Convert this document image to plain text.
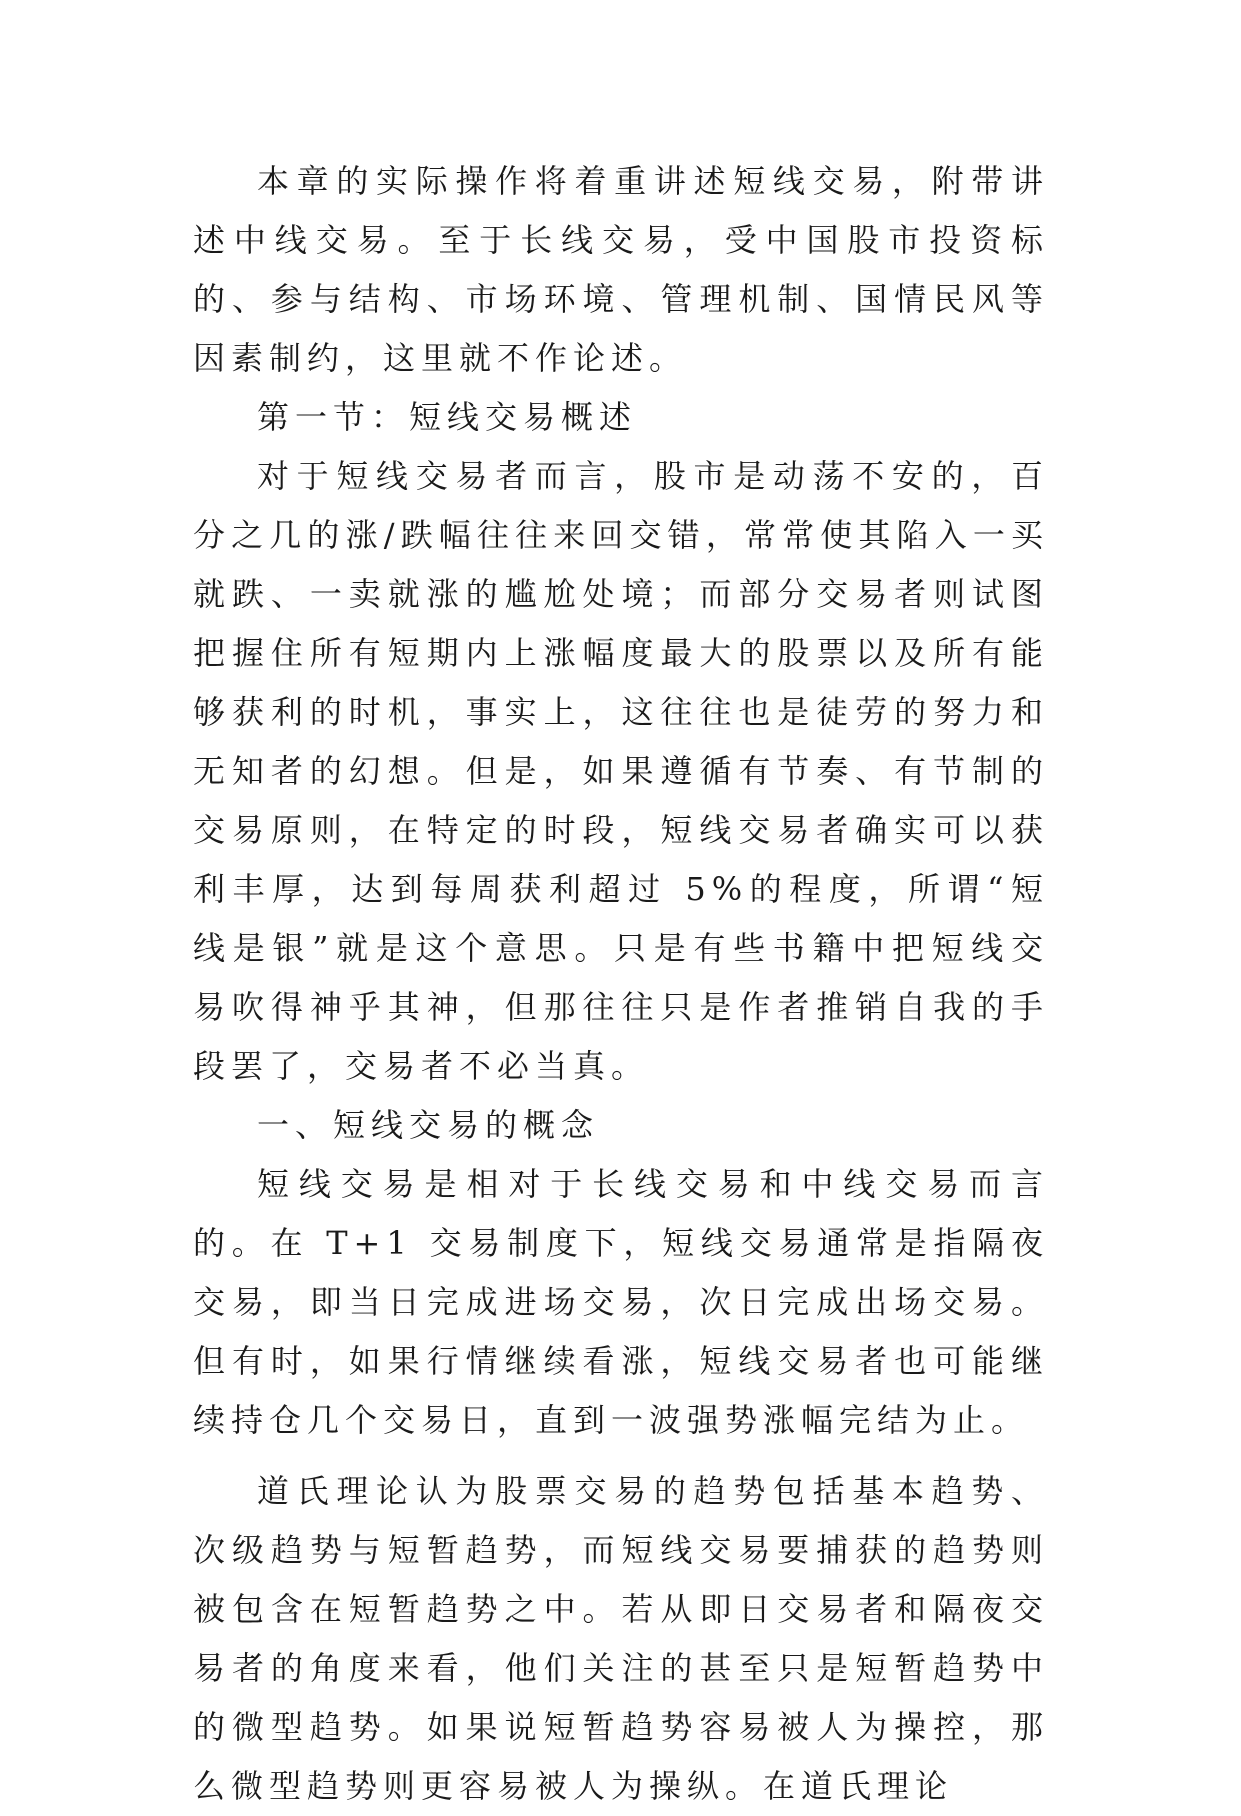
本章的实际操作将着重讲述短线交易，附带讲述中线交易。至于长线交易，受中国股市投资标的、参与结构、市场环境、管理机制、国情民风等因素制约，这里就不作论述。

第一节：短线交易概述

对于短线交易者而言，股市是动荡不安的，百分之几的涨/跌幅往往来回交错，常常使其陷入一买就跌、一卖就涨的尴尬处境；而部分交易者则试图把握住所有短期内上涨幅度最大的股票以及所有能够获利的时机，事实上，这往往也是徒劳的努力和无知者的幻想。但是，如果遵循有节奏、有节制的交易原则，在特定的时段，短线交易者确实可以获利丰厚，达到每周获利超过 5%的程度，所谓“短线是银”就是这个意思。只是有些书籍中把短线交易吹得神乎其神，但那往往只是作者推销自我的手段罢了，交易者不必当真。

一、短线交易的概念

短线交易是相对于长线交易和中线交易而言的。在 T+1 交易制度下，短线交易通常是指隔夜交易，即当日完成进场交易，次日完成出场交易。但有时，如果行情继续看涨，短线交易者也可能继续持仓几个交易日，直到一波强势涨幅完结为止。

道氏理论认为股票交易的趋势包括基本趋势、次级趋势与短暂趋势，而短线交易要捕获的趋势则被包含在短暂趋势之中。若从即日交易者和隔夜交易者的角度来看，他们关注的甚至只是短暂趋势中的微型趋势。如果说短暂趋势容易被人为操控，那么微型趋势则更容易被人为操纵。在道氏理论
